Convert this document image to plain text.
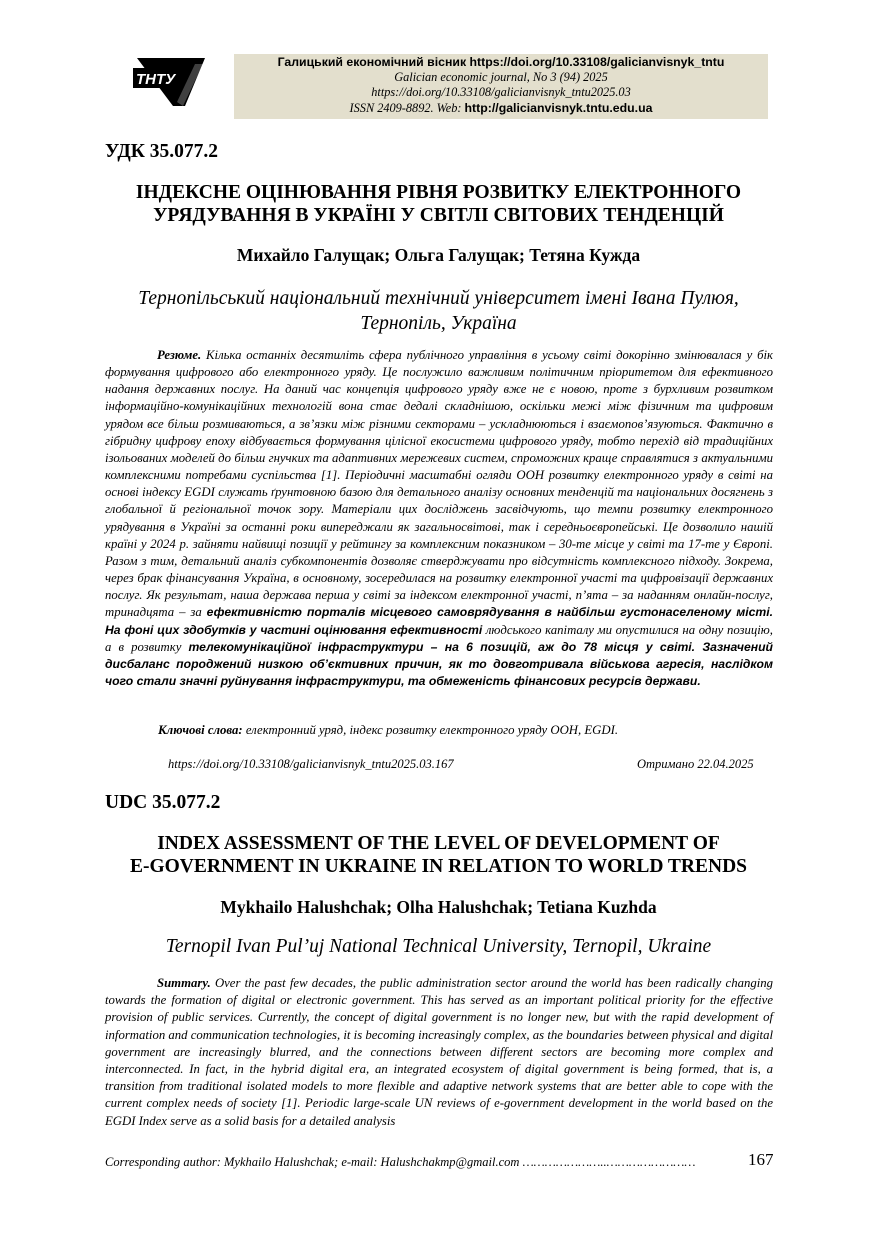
ТНТУ
Галицький економічний вісник https://doi.org/10.33108/galicianvisnyk_tntu
Galician economic journal, No 3 (94) 2025
https://doi.org/10.33108/galicianvisnyk_tntu2025.03
ISSN 2409-8892. Web: http://galicianvisnyk.tntu.edu.ua
УДК 35.077.2
ІНДЕКСНЕ ОЦІНЮВАННЯ РІВНЯ РОЗВИТКУ ЕЛЕКТРОННОГО
УРЯДУВАННЯ В УКРАЇНІ У СВІТЛІ СВІТОВИХ ТЕНДЕНЦІЙ
Михайло Галущак; Ольга Галущак; Тетяна Кужда
Тернопільський національний технічний університет імені Івана Пулюя,
Тернопіль, Україна
Резюме. Кілька останніх десятиліть сфера публічного управління в усьому світі докорінно змінювалася у бік формування цифрового або електронного уряду. Це послужило важливим політичним пріоритетом для ефективного надання державних послуг. На даний час концепція цифрового уряду вже не є новою, проте з бурхливим розвитком інформаційно-комунікаційних технологій вона стає дедалі складнішою, оскільки межі між фізичним та цифровим урядом все більш розмиваються, а зв’язки між різними секторами – ускладнюються і взаємопов’язуються. Фактично в гібридну цифрову епоху відбувається формування цілісної екосистеми цифрового уряду, тобто перехід від традиційних ізольованих моделей до більш гнучких та адаптивних мережевих систем, спроможних краще справлятися з актуальними комплексними потребами суспільства [1]. Періодичні масштабні огляди ООН розвитку електронного уряду в світі на основі індексу EGDI служать ґрунтовною базою для детального аналізу основних тенденцій та національних досягнень з глобальної й регіональної точок зору. Матеріали цих досліджень засвідчують, що темпи розвитку електронного урядування в Україні за останні роки випереджали як загальносвітові, так і середньоєвропейські. Це дозволило нашій країні у 2024 р. зайняти найвищі позиції у рейтингу за комплексним показником – 30-те місце у світі та 17-те у Європі. Разом з тим, детальний аналіз субкомпонентів дозволяє стверджувати про відсутність комплексного підходу. Зокрема, через брак фінансування Україна, в основному, зосередилася на розвитку електронної участі та цифровізації державних послуг. Як результат, наша держава перша у світі за індексом електронної участі, п’ята – за наданням онлайн-послуг, тринадцята – за ефективністю порталів місцевого самоврядування в найбільш густонаселеному місті. На фоні цих здобутків у частині оцінювання ефективності людського капіталу ми опустилися на одну позицію, а в розвитку телекомунікаційної інфраструктури – на 6 позицій, аж до 78 місця у світі. Зазначений дисбаланс породжений низкою об’єктивних причин, як то довготривала військова агресія, наслідком чого стали значні руйнування інфраструктури, та обмеженість фінансових ресурсів держави.
Ключові слова: електронний уряд, індекс розвитку електронного уряду ООН, EGDI.
https://doi.org/10.33108/galicianvisnyk_tntu2025.03.167	Отримано 22.04.2025
UDC 35.077.2
INDEX ASSESSMENT OF THE LEVEL OF DEVELOPMENT OF
E-GOVERNMENT IN UKRAINE IN RELATION TO WORLD TRENDS
Mykhailo Halushchak; Olha Halushchak; Tetiana Kuzhda
Ternopil Ivan Pul’uj National Technical University, Ternopil, Ukraine
Summary. Over the past few decades, the public administration sector around the world has been radically changing towards the formation of digital or electronic government. This has served as an important political priority for the effective provision of public services. Currently, the concept of digital government is no longer new, but with the rapid development of information and communication technologies, it is becoming increasingly complex, as the boundaries between physical and digital government are increasingly blurred, and the connections between different sectors are becoming more complex and interconnected. In fact, in the hybrid digital era, an integrated ecosystem of digital government is being formed, that is, a transition from traditional isolated models to more flexible and adaptive network systems that are better able to cope with the current complex needs of society [1]. Periodic large-scale UN reviews of e-government development in the world based on the EGDI Index serve as a solid basis for a detailed analysis
Corresponding author: Mykhailo Halushchak; e-mail: Halushchakmp@gmail.com …………………..……………………	167
